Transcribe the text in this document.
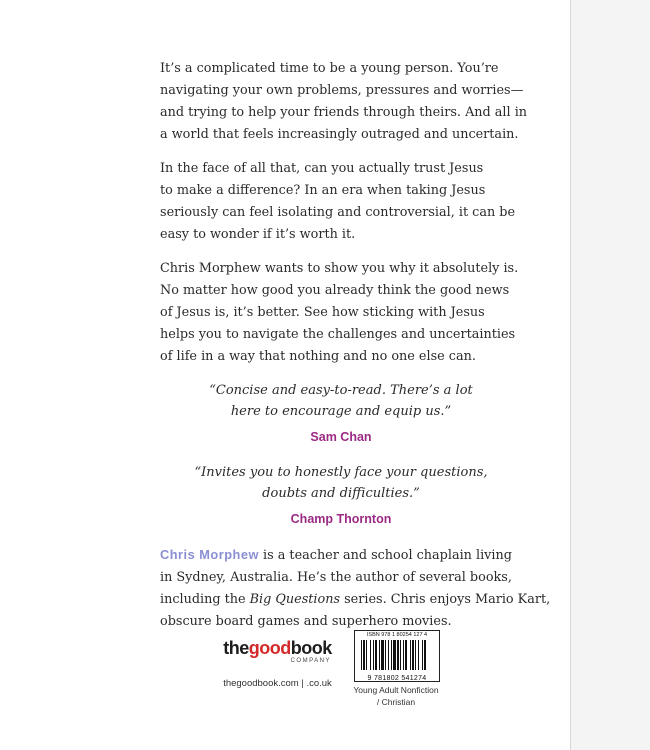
It’s a complicated time to be a young person. You’re
navigating your own problems, pressures and worries—
and trying to help your friends through theirs. And all in
a world that feels increasingly outraged and uncertain.

In the face of all that, can you actually trust Jesus
to make a difference? In an era when taking Jesus
seriously can feel isolating and controversial, it can be
easy to wonder if it’s worth it.

Chris Morphew wants to show you why it absolutely is.
No matter how good you already think the good news
of Jesus is, it’s better. See how sticking with Jesus
helps you to navigate the challenges and uncertainties
of life in a way that nothing and no one else can.

“Concise and easy-to-read. There’s a lot
here to encourage and equip us.”
Sam Chan
“Invites you to honestly face your questions,
doubts and difficulties.”
Champ Thornton
Chris Morphew is a teacher and school chaplain living
in Sydney, Australia. He’s the author of several books,
including the Big Questions series. Chris enjoys Mario Kart,
obscure board games and superhero movies.
thegoodbook
COMPANY
thegoodbook.com | .co.uk
ISBN 978 1 80254 127 4
9 781802 541274
Young Adult Nonfiction
/ Christian
